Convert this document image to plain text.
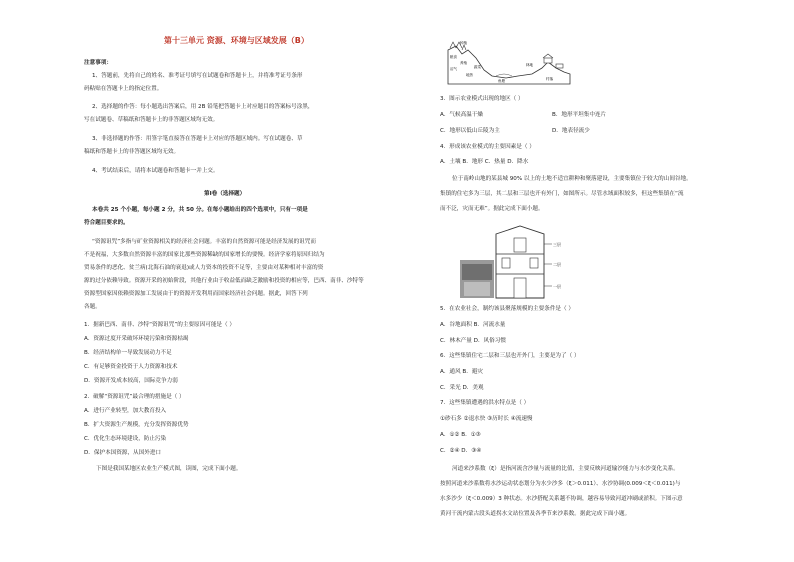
第十三单元 资源、环境与区域发展（B）
注意事项：
1、答题前，先将自己的姓名、准考证号填写在试题卷和答题卡上，并将准考证号条形
码粘贴在答题卡上的指定位置。
2、选择题的作答：每小题选出答案后，用 2B 铅笔把答题卡上对应题目的答案标号涂黑，
写在试题卷、草稿纸和答题卡上的非答题区域均无效。
3、非选择题的作答：用签字笔直接答在答题卡上对应的答题区域内。写在试题卷、草
稿纸和答题卡上的非答题区域均无效。
4、考试结束后，请将本试题卷和答题卡一并上交。
第Ⅰ卷（选择题）
本卷共 25 个小题，每小题 2 分，共 50 分。在每小题给出的四个选项中，只有一项是
符合题目要求的。
“资源诅咒”多指与矿业资源相关的经济社会问题。丰富的自然资源可能是经济发展的诅咒而
不是祝福，大多数自然资源丰富的国家比那些资源稀缺的国家增长的要慢。经济学家将原因归结为
贸易条件的恶化、贫兰病(北海石油的衰退)或人力资本的投资不足等，主要由对某种相对丰富的资
源的过分依赖导致。资源开采的初始阶段，其他行业由于收益低而缺乏激励和投资的相应等，巴西、南非、沙特等
资源型国家因依赖资源加工发展由于的资源开发利用而国家经济社会问题。据此，回答下列
各题。
1．据新巴西、南非、沙特“资源诅咒”的主要原因可能是（ ）
A．资源过度开采破坏环境污染和资源枯竭
B．经济结构单一导致发展动力不足
C．有足够资金投资于人力资源和技术
D．资源开发成本较高，国际竞争力弱
2．破解“资源诅咒”最合理的措施是（ ）
A．进行产业转型，加大教育投入
B．扩大资源生产规模，充分发挥资源优势
C．优化生态环境建设，防止污染
D．保护本国资源，从国外进口
下图是我国某地区农业生产模式图，读图，完成下面小题。
种植
粮食
养殖
蔬菜
沼气
地热
鱼塘	村落
林地
3．图示农业模式出现的地区（ ）
A．气候高温干燥	B．地形平坦集中连片
C．地形以低山丘陵为主	D．地表径流少
4．形成该农业模式的主要因素是（ ）
A．土壤 B．地形 C．热量 D．降水
位于南岭山地的某县城 90% 以上的土地不适宜耕种和聚落建设，主要集镇位于较大的山间谷地。
集镇的住宅多为三层，其二层和三层也开有外门，如图所示。尽管水域面积较多，但这些集镇在“流
而不泛，灾而无难”。据此完成下面小题。
三层
二层
一层
5．在农业社会，制约该县聚落规模的主要条件是（ ）
A．谷地面积 B．河流水量
C．林木产量 D．风俗习惯
6．这些集镇住宅二层和三层也开外门，主要是为了（ ）
A．通风 B．避灾
C．采光 D．美观
7．这些集镇遭遇的洪水特点是（ ）
①砂石多 ②退水快 ③历时长 ④流速慢
A．①② B．①③
C．②④ D．③④
河道来沙系数（ξ）是指河流含沙量与流量的比值，主要反映河道输沙能力与水沙变化关系。
按照河道来沙系数将水沙运动状态划分为水少沙多（ξ＞0.011）、水沙协调(0.009＜ξ＜0.011)与
水多沙少（ξ＜0.009）3 种状态。水沙搭配关系越不协调，越容易导致河道冲刷或淤积。下图示意
黄河干流内蒙古段头道拐水文站位置及各季节来沙系数。据此完成下面小题。
